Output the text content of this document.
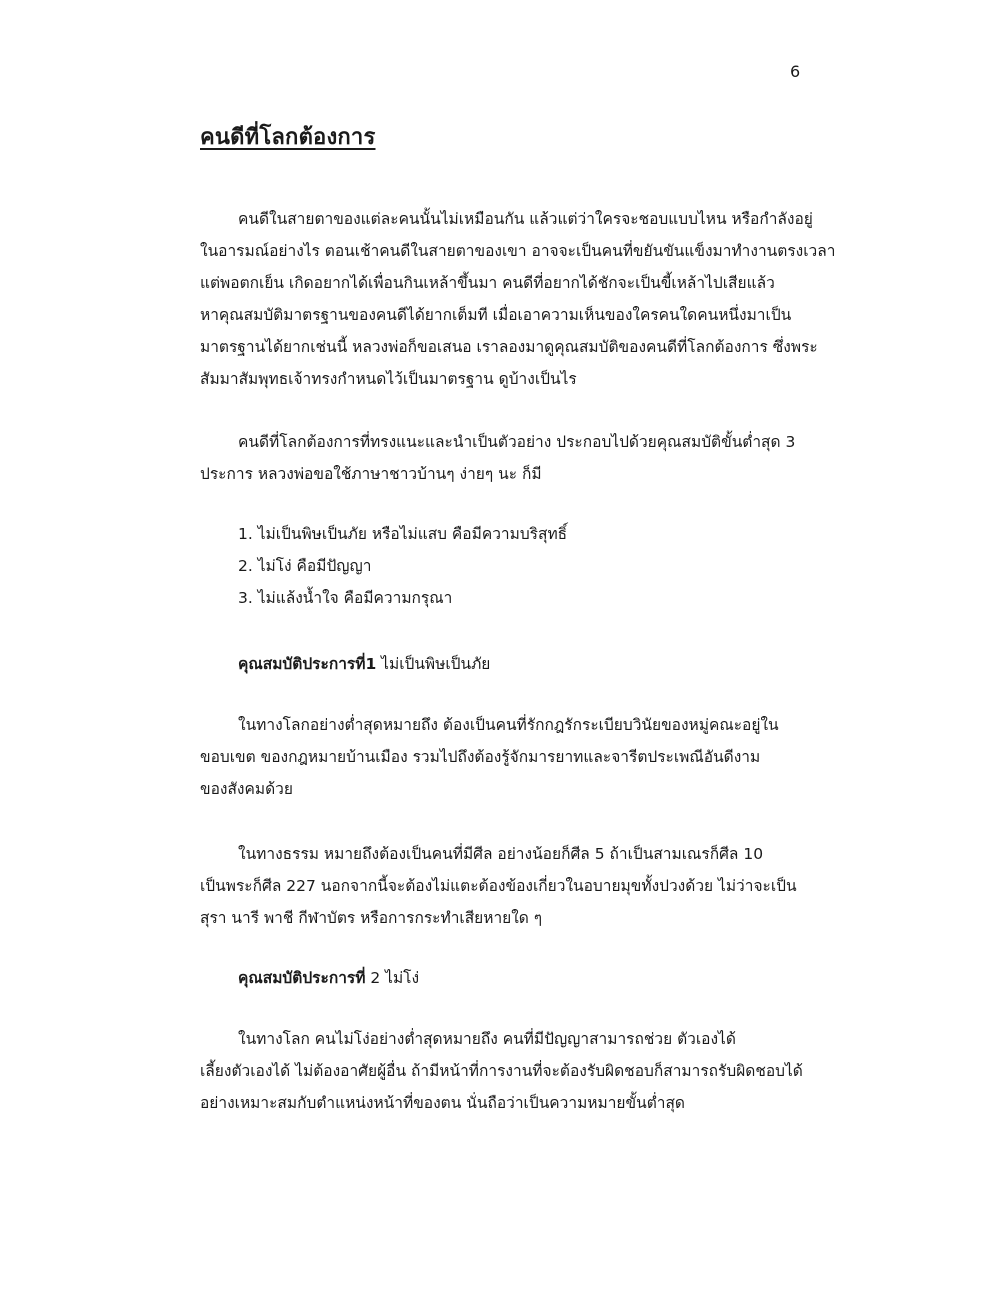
6
คนดีที่โลกต้องการ

คนดีในสายตาของแต่ละคนนั้นไม่เหมือนกัน แล้วแต่ว่าใครจะชอบแบบไหน หรือกำลังอยู่
ในอารมณ์อย่างไร ตอนเช้าคนดีในสายตาของเขา อาจจะเป็นคนที่ขยันขันแข็งมาทำงานตรงเวลา
แต่พอตกเย็น เกิดอยากได้เพื่อนกินเหล้าขึ้นมา คนดีที่อยากได้ชักจะเป็นขี้เหล้าไปเสียแล้ว
หาคุณสมบัติมาตรฐานของคนดีได้ยากเต็มที เมื่อเอาความเห็นของใครคนใดคนหนึ่งมาเป็น
มาตรฐานได้ยากเช่นนี้ หลวงพ่อก็ขอเสนอ เราลองมาดูคุณสมบัติของคนดีที่โลกต้องการ ซึ่งพระ
สัมมาสัมพุทธเจ้าทรงกำหนดไว้เป็นมาตรฐาน ดูบ้างเป็นไร

คนดีที่โลกต้องการที่ทรงแนะและนำเป็นตัวอย่าง ประกอบไปด้วยคุณสมบัติขั้นต่ำสุด 3
ประการ หลวงพ่อขอใช้ภาษาชาวบ้านๆ ง่ายๆ นะ ก็มี

1. ไม่เป็นพิษเป็นภัย หรือไม่แสบ คือมีความบริสุทธิ์
2. ไม่โง่ คือมีปัญญา
3. ไม่แล้งน้ำใจ คือมีความกรุณา

คุณสมบัติประการที่1 ไม่เป็นพิษเป็นภัย

ในทางโลกอย่างต่ำสุดหมายถึง ต้องเป็นคนที่รักกฎรักระเบียบวินัยของหมู่คณะอยู่ใน
ขอบเขต ของกฎหมายบ้านเมือง รวมไปถึงต้องรู้จักมารยาทและจารีตประเพณีอันดีงาม
ของสังคมด้วย

ในทางธรรม หมายถึงต้องเป็นคนที่มีศีล อย่างน้อยก็ศีล 5 ถ้าเป็นสามเณรก็ศีล 10
เป็นพระก็ศีล 227 นอกจากนี้จะต้องไม่แตะต้องข้องเกี่ยวในอบายมุขทั้งปวงด้วย ไม่ว่าจะเป็น
สุรา นารี พาชี กีฬาบัตร หรือการกระทำเสียหายใด ๆ

คุณสมบัติประการที่ 2 ไม่โง่

ในทางโลก คนไม่โง่อย่างต่ำสุดหมายถึง คนที่มีปัญญาสามารถช่วย ตัวเองได้
เลี้ยงตัวเองได้ ไม่ต้องอาศัยผู้อื่น ถ้ามีหน้าที่การงานที่จะต้องรับผิดชอบก็สามารถรับผิดชอบได้
อย่างเหมาะสมกับตำแหน่งหน้าที่ของตน นั่นถือว่าเป็นความหมายขั้นต่ำสุด
